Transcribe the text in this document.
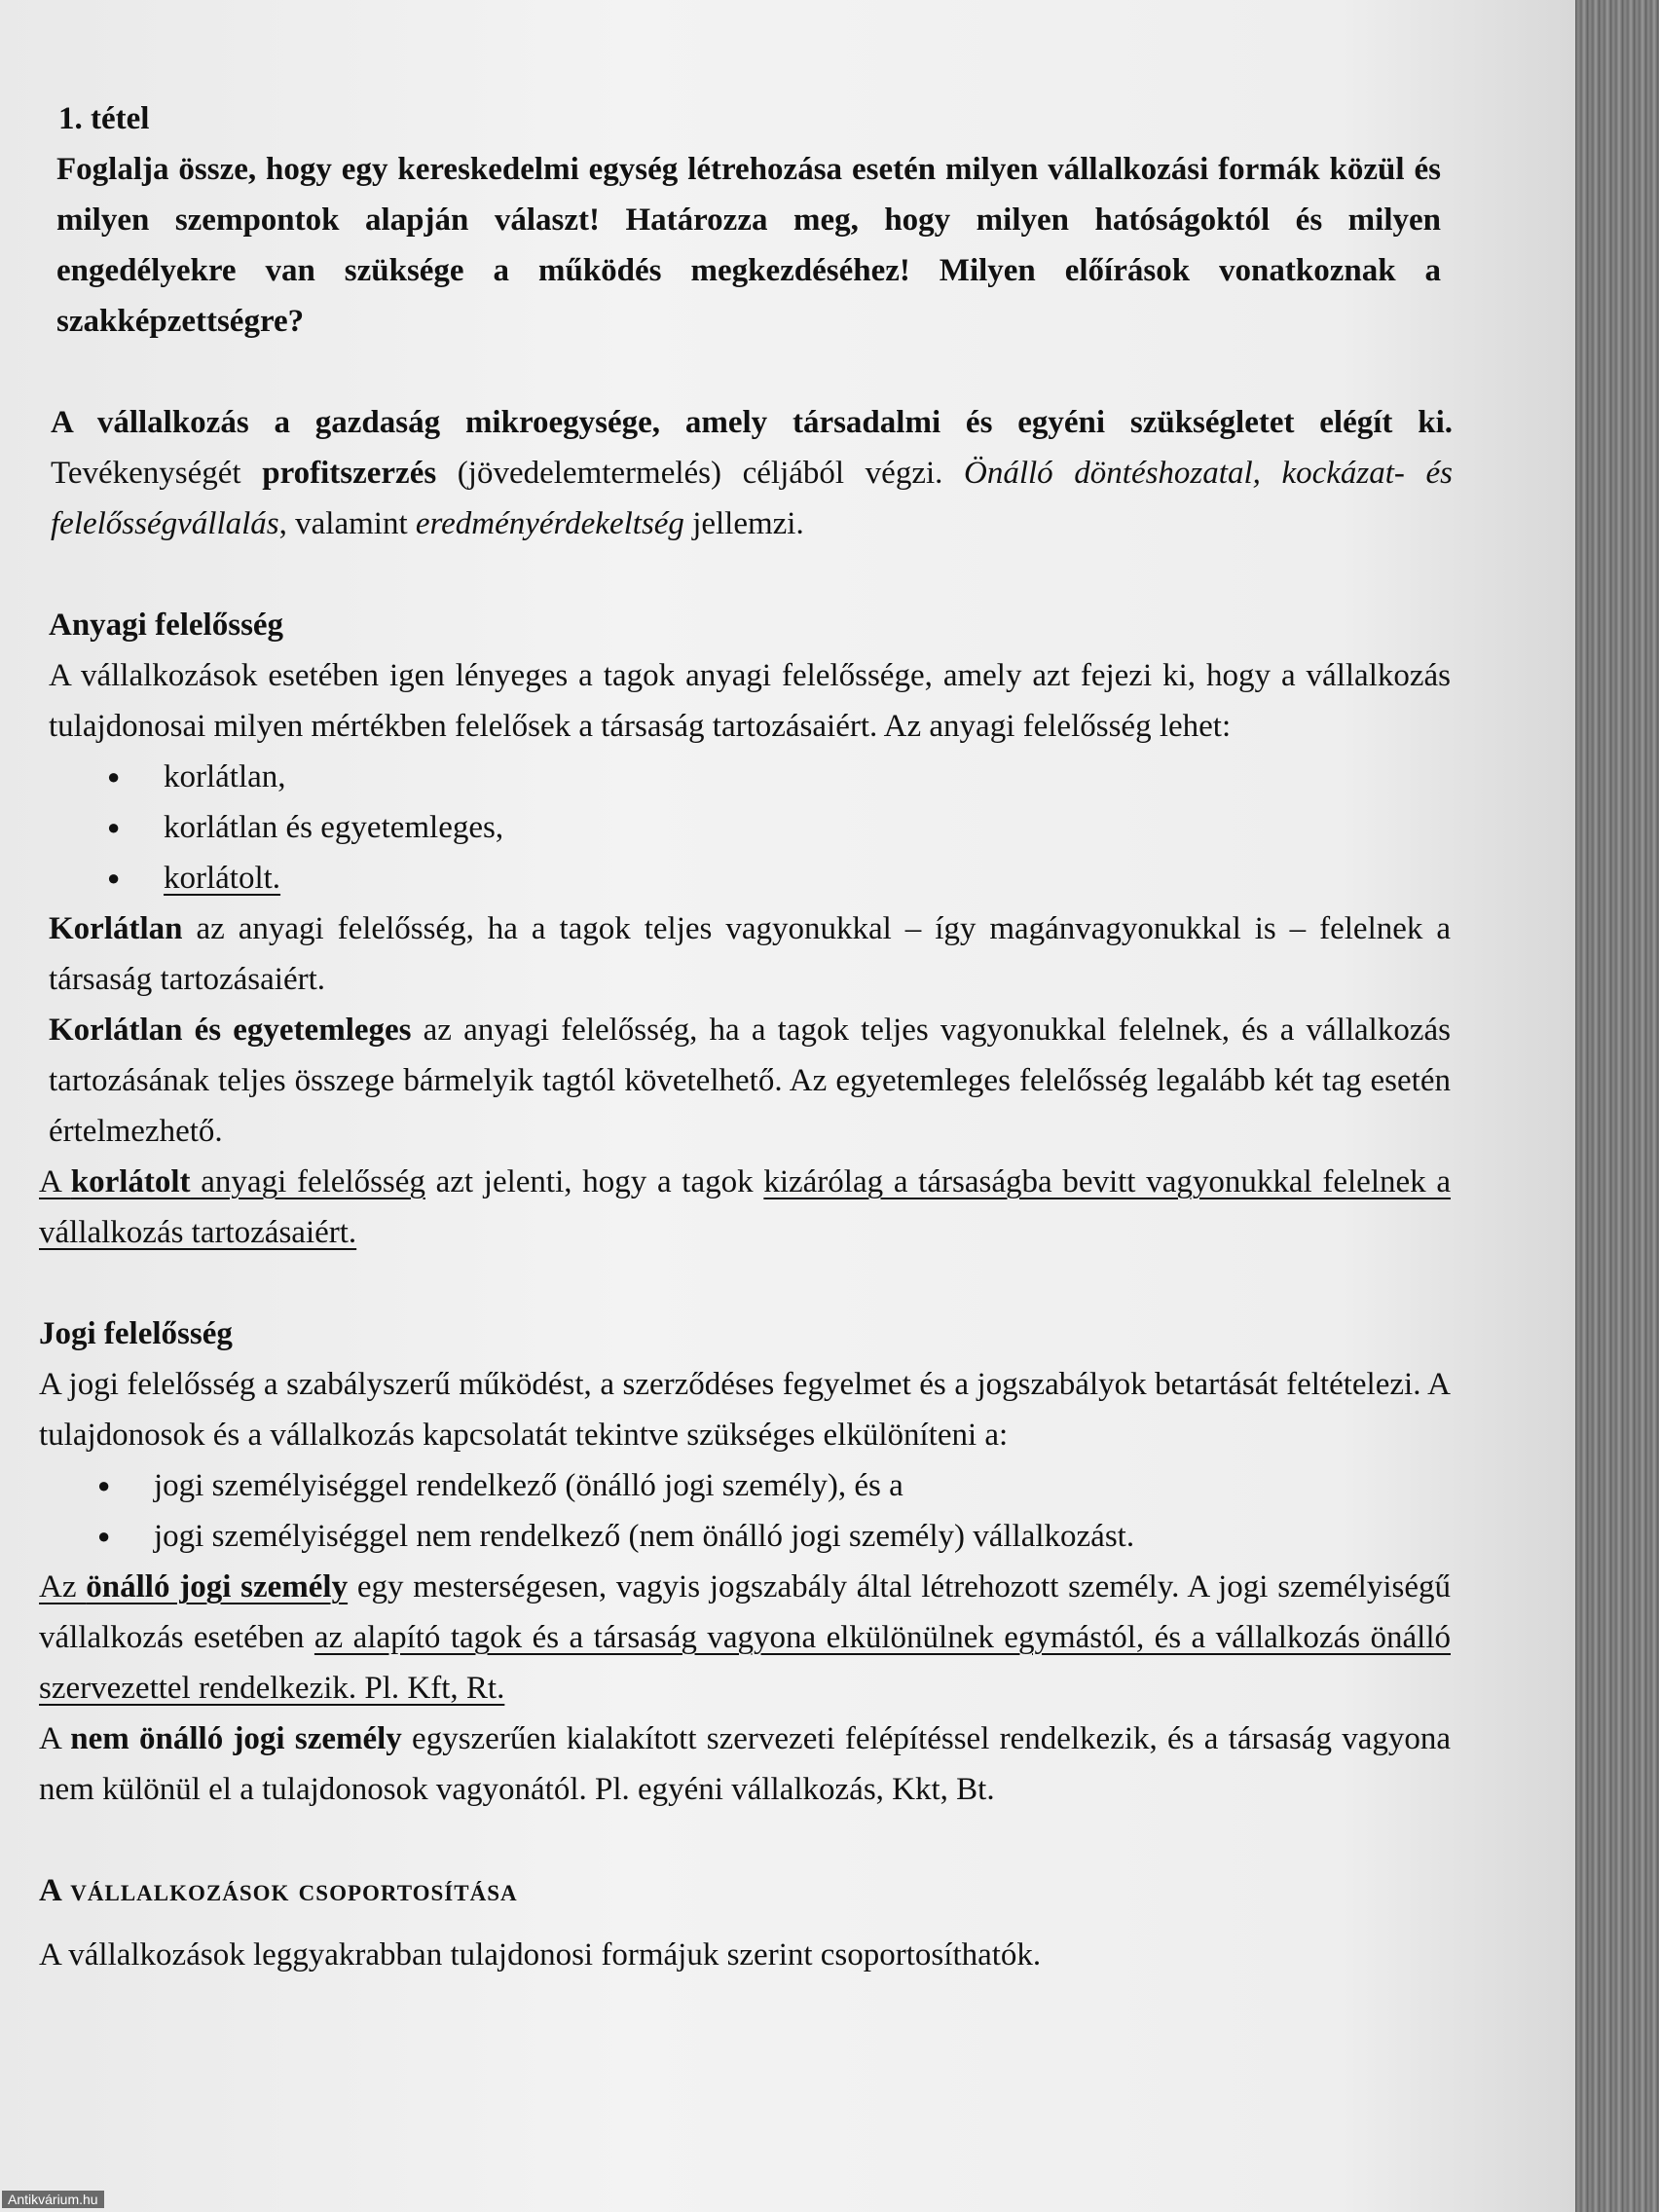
1. tétel

Foglalja össze, hogy egy kereskedelmi egység létrehozása esetén milyen vállalkozási formák közül és milyen szempontok alapján választ! Határozza meg, hogy milyen hatóságoktól és milyen engedélyekre van szüksége a működés megkezdéséhez! Milyen előírások vonatkoznak a szakképzettségre?

A vállalkozás a gazdaság mikroegysége, amely társadalmi és egyéni szükségletet elégít ki. Tevékenységét profitszerzés (jövedelemtermelés) céljából végzi. Önálló döntéshozatal, kockázat- és felelősségvállalás, valamint eredményérdekeltség jellemzi.

Anyagi felelősség

A vállalkozások esetében igen lényeges a tagok anyagi felelőssége, amely azt fejezi ki, hogy a vállalkozás tulajdonosai milyen mértékben felelősek a társaság tartozásaiért. Az anyagi felelősség lehet:

● korlátlan,
● korlátlan és egyetemleges,
● korlátolt.

Korlátlan az anyagi felelősség, ha a tagok teljes vagyonukkal – így magánvagyonukkal is – felelnek a társaság tartozásaiért.

Korlátlan és egyetemleges az anyagi felelősség, ha a tagok teljes vagyonukkal felelnek, és a vállalkozás tartozásának teljes összege bármelyik tagtól követelhető. Az egyetemleges felelősség legalább két tag esetén értelmezhető.

A korlátolt anyagi felelősség azt jelenti, hogy a tagok kizárólag a társaságba bevitt vagyonukkal felelnek a vállalkozás tartozásaiért.

Jogi felelősség

A jogi felelősség a szabályszerű működést, a szerződéses fegyelmet és a jogszabályok betartását feltételezi. A tulajdonosok és a vállalkozás kapcsolatát tekintve szükséges elkülöníteni a:

● jogi személyiséggel rendelkező (önálló jogi személy), és a
● jogi személyiséggel nem rendelkező (nem önálló jogi személy) vállalkozást.

Az önálló jogi személy egy mesterségesen, vagyis jogszabály által létrehozott személy. A jogi személyiségű vállalkozás esetében az alapító tagok és a társaság vagyona elkülönülnek egymástól, és a vállalkozás önálló szervezettel rendelkezik. Pl. Kft, Rt.

A nem önálló jogi személy egyszerűen kialakított szervezeti felépítéssel rendelkezik, és a társaság vagyona nem különül el a tulajdonosok vagyonától. Pl. egyéni vállalkozás, Kkt, Bt.

A vállalkozások csoportosítása

A vállalkozások leggyakrabban tulajdonosi formájuk szerint csoportosíthatók.

Antikvárium.hu
